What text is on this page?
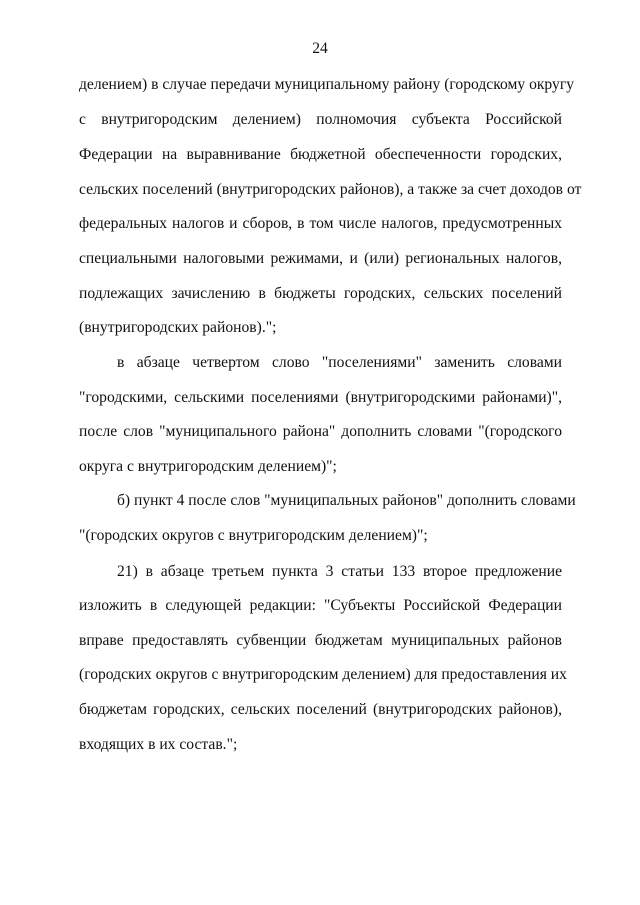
24
делением) в случае передачи муниципальному району (городскому округу
с внутригородским делением) полномочия субъекта Российской
Федерации на выравнивание бюджетной обеспеченности городских,
сельских поселений (внутригородских районов), а также за счет доходов от
федеральных налогов и сборов, в том числе налогов, предусмотренных
специальными налоговыми режимами, и (или) региональных налогов,
подлежащих зачислению в бюджеты городских, сельских поселений
(внутригородских районов).";
в абзаце четвертом слово "поселениями" заменить словами
"городскими, сельскими поселениями (внутригородскими районами)",
после слов "муниципального района" дополнить словами "(городского
округа с внутригородским делением)";
б) пункт 4 после слов "муниципальных районов" дополнить словами
"(городских округов с внутригородским делением)";
21) в абзаце третьем пункта 3 статьи 133 второе предложение
изложить в следующей редакции: "Субъекты Российской Федерации
вправе предоставлять субвенции бюджетам муниципальных районов
(городских округов с внутригородским делением) для предоставления их
бюджетам городских, сельских поселений (внутригородских районов),
входящих в их состав.";
